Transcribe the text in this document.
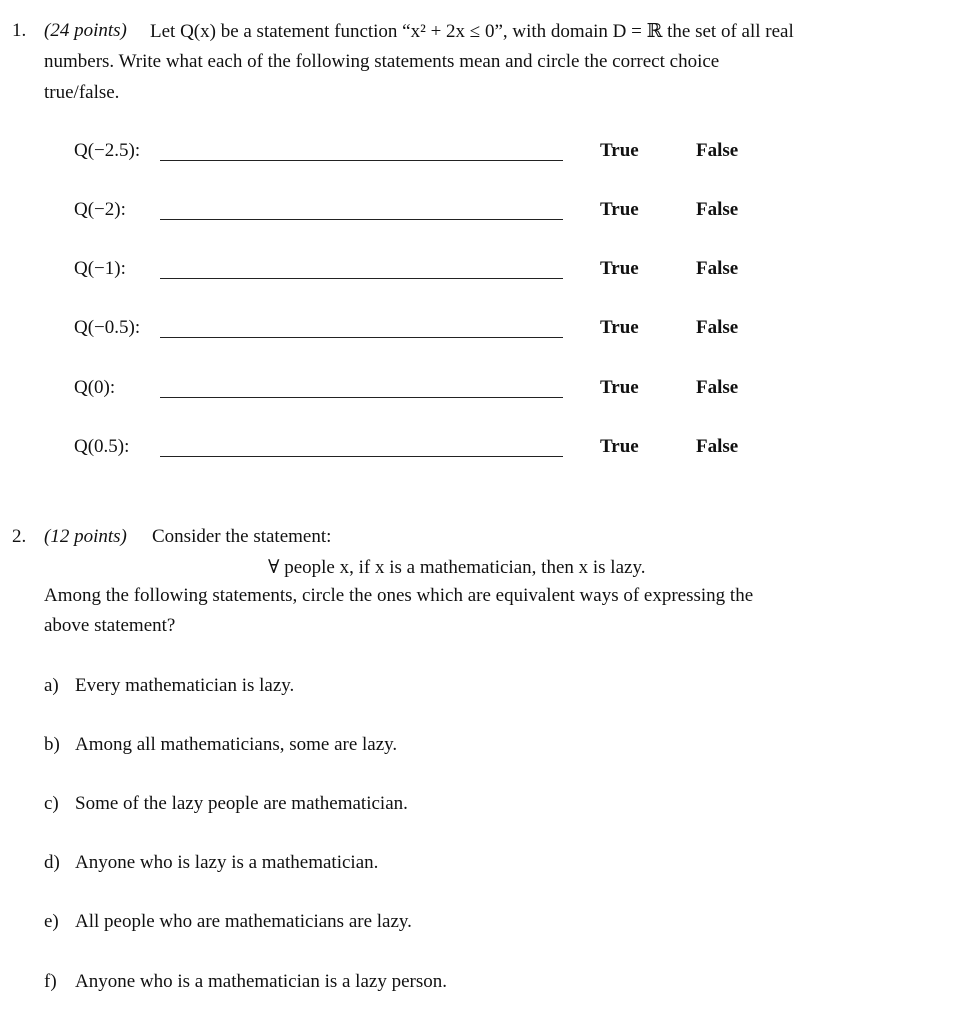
1. (24 points) Let Q(x) be a statement function “x² + 2x ≤ 0”, with domain D = ℝ the set of all real
numbers. Write what each of the following statements mean and circle the correct choice
true/false.
Q(−2.5):	True	False
Q(−2):	True	False
Q(−1):	True	False
Q(−0.5):	True	False
Q(0):	True	False
Q(0.5):	True	False
2. (12 points) Consider the statement:
∀ people x, if x is a mathematician, then x is lazy.
Among the following statements, circle the ones which are equivalent ways of expressing the
above statement?
a) Every mathematician is lazy.
b) Among all mathematicians, some are lazy.
c) Some of the lazy people are mathematician.
d) Anyone who is lazy is a mathematician.
e) All people who are mathematicians are lazy.
f) Anyone who is a mathematician is a lazy person.
